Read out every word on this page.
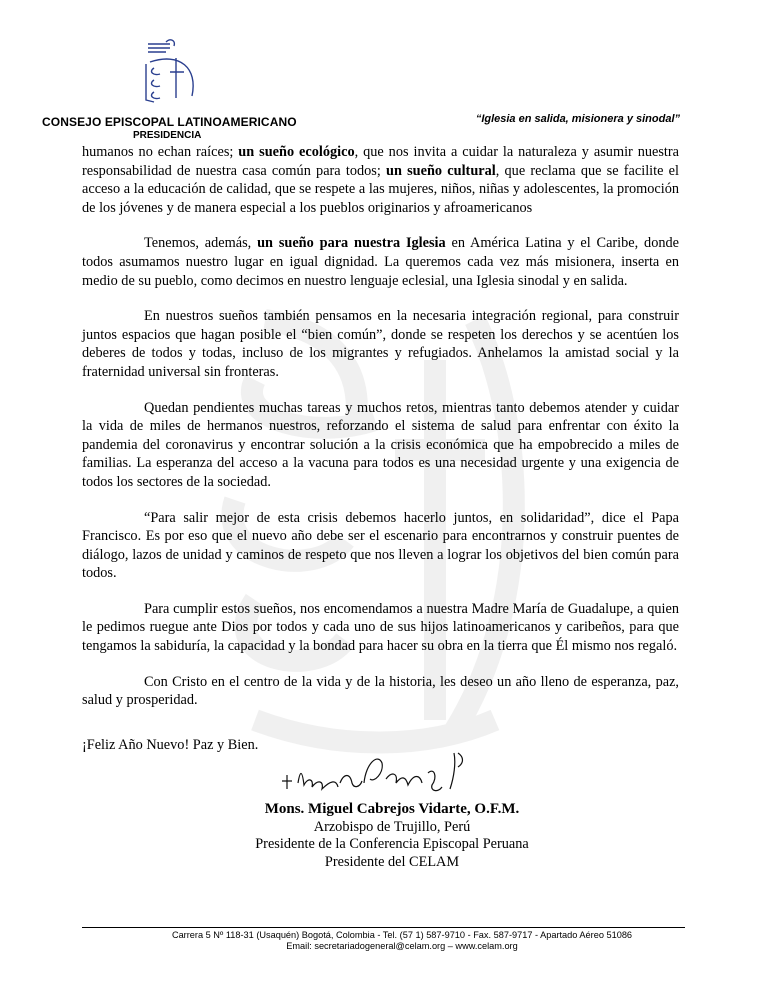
CONSEJO EPISCOPAL LATINOAMERICANO
PRESIDENCIA
“Iglesia en salida, misionera y sinodal”

humanos no echan raíces; un sueño ecológico, que nos invita a cuidar la naturaleza y asumir nuestra responsabilidad de nuestra casa común para todos; un sueño cultural, que reclama que se facilite el acceso a la educación de calidad, que se respete a las mujeres, niños, niñas y adolescentes, la promoción de los jóvenes y de manera especial a los pueblos originarios y afroamericanos

Tenemos, además, un sueño para nuestra Iglesia en América Latina y el Caribe, donde todos asumamos nuestro lugar en igual dignidad. La queremos cada vez más misionera, inserta en medio de su pueblo, como decimos en nuestro lenguaje eclesial, una Iglesia sinodal y en salida.

En nuestros sueños también pensamos en la necesaria integración regional, para construir juntos espacios que hagan posible el “bien común”, donde se respeten los derechos y se acentúen los deberes de todos y todas, incluso de los migrantes y refugiados. Anhelamos la amistad social y la fraternidad universal sin fronteras.

Quedan pendientes muchas tareas y muchos retos, mientras tanto debemos atender y cuidar la vida de miles de hermanos nuestros, reforzando el sistema de salud para enfrentar con éxito la pandemia del coronavirus y encontrar solución a la crisis económica que ha empobrecido a miles de familias. La esperanza del acceso a la vacuna para todos es una necesidad urgente y una exigencia de todos los sectores de la sociedad.

“Para salir mejor de esta crisis debemos hacerlo juntos, en solidaridad”, dice el Papa Francisco. Es por eso que el nuevo año debe ser el escenario para encontrarnos y construir puentes de diálogo, lazos de unidad y caminos de respeto que nos lleven a lograr los objetivos del bien común para todos.

Para cumplir estos sueños, nos encomendamos a nuestra Madre María de Guadalupe, a quien le pedimos ruegue ante Dios por todos y cada uno de sus hijos latinoamericanos y caribeños, para que tengamos la sabiduría, la capacidad y la bondad para hacer su obra en la tierra que Él mismo nos regaló.

Con Cristo en el centro de la vida y de la historia, les deseo un año lleno de esperanza, paz, salud y prosperidad.

¡Feliz Año Nuevo! Paz y Bien.
Mons. Miguel Cabrejos Vidarte, O.F.M.
Arzobispo de Trujillo, Perú
Presidente de la Conferencia Episcopal Peruana
Presidente del CELAM
Carrera 5 Nº 118-31 (Usaquén) Bogotá, Colombia - Tel. (57 1) 587-9710 - Fax. 587-9717 - Apartado Aéreo 51086
Email: secretariadogeneral@celam.org – www.celam.org
